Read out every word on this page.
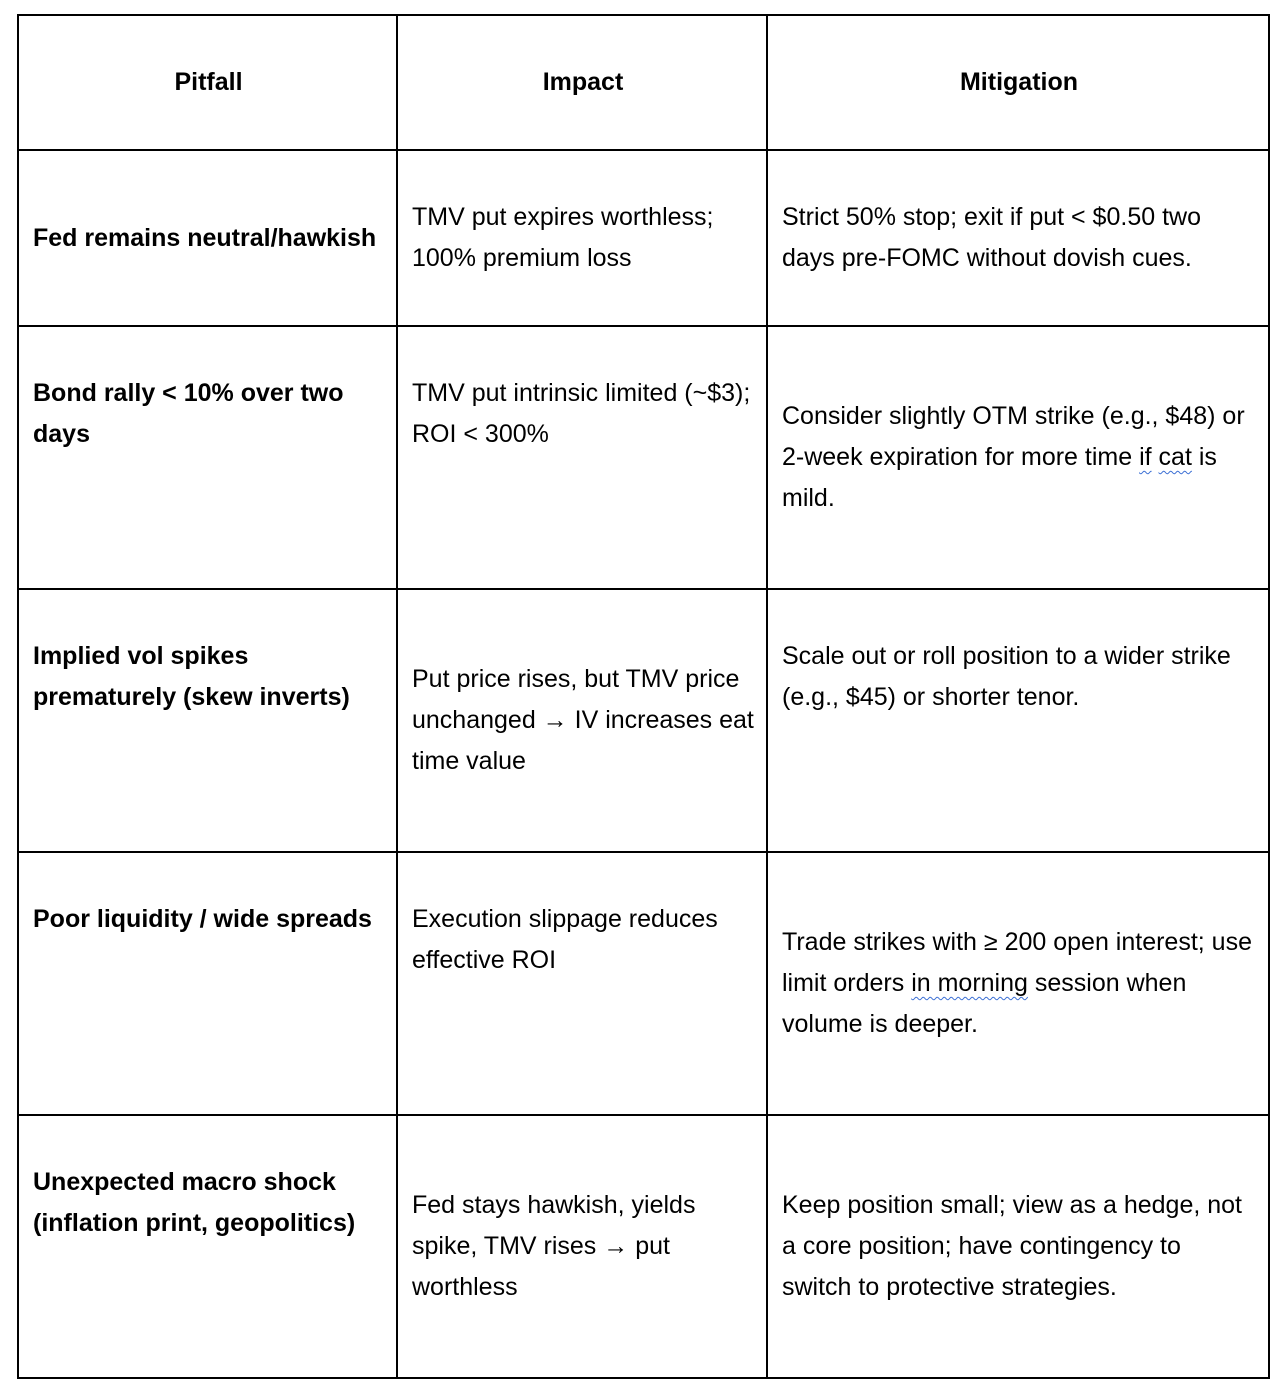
Pitfall	Impact	Mitigation
Fed remains neutral/hawkish	TMV put expires worthless; 100% premium loss	Strict 50% stop; exit if put < $0.50 two days pre-FOMC without dovish cues.
Bond rally < 10% over two days	TMV put intrinsic limited (~$3); ROI < 300%	Consider slightly OTM strike (e.g., $48) or 2-week expiration for more time if cat is mild.
Implied vol spikes prematurely (skew inverts)	Put price rises, but TMV price unchanged → IV increases eat time value	Scale out or roll position to a wider strike (e.g., $45) or shorter tenor.
Poor liquidity / wide spreads	Execution slippage reduces effective ROI	Trade strikes with ≥ 200 open interest; use limit orders in morning session when volume is deeper.
Unexpected macro shock (inflation print, geopolitics)	Fed stays hawkish, yields spike, TMV rises → put worthless	Keep position small; view as a hedge, not a core position; have contingency to switch to protective strategies.
